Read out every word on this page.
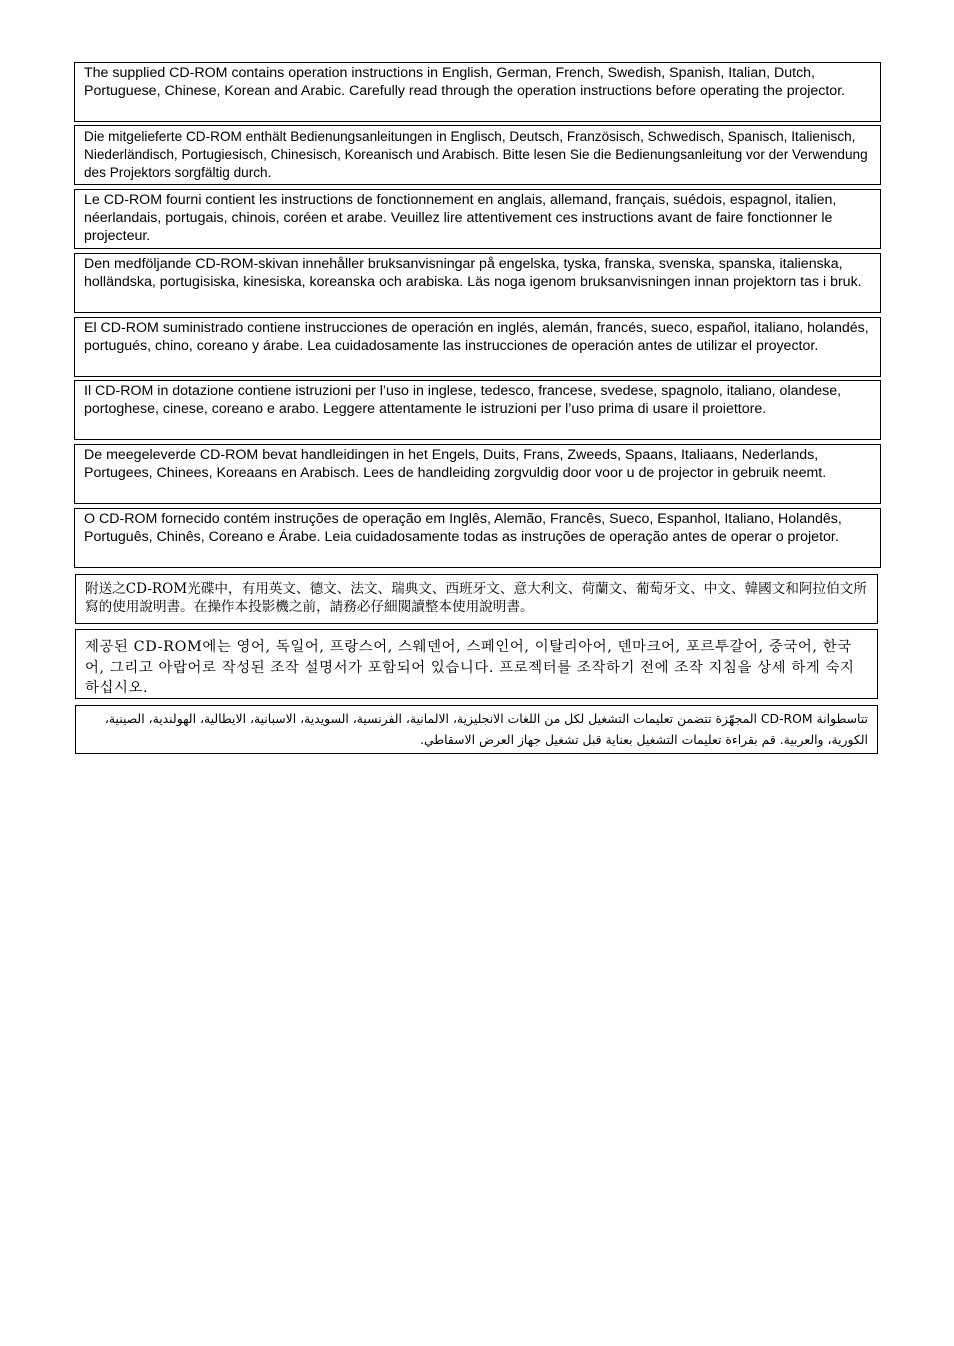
The supplied CD-ROM contains operation instructions in English, German, French, Swedish, Spanish, Italian, Dutch, Portuguese, Chinese, Korean and Arabic. Carefully read through the operation instructions before operating the projector.

Die mitgelieferte CD-ROM enthält Bedienungsanleitungen in Englisch, Deutsch, Französisch, Schwedisch, Spanisch, Italienisch, Niederländisch, Portugiesisch, Chinesisch, Koreanisch und Arabisch. Bitte lesen Sie die Bedienungsanleitung vor der Verwendung des Projektors sorgfältig durch.

Le CD-ROM fourni contient les instructions de fonctionnement en anglais, allemand, français, suédois, espagnol, italien, néerlandais, portugais, chinois, coréen et arabe. Veuillez lire attentivement ces instructions avant de faire fonctionner le projecteur.

Den medföljande CD-ROM-skivan innehåller bruksanvisningar på engelska, tyska, franska, svenska, spanska, italienska, holländska, portugisiska, kinesiska, koreanska och arabiska. Läs noga igenom bruksanvisningen innan projektorn tas i bruk.

El CD-ROM suministrado contiene instrucciones de operación en inglés, alemán, francés, sueco, español, italiano, holandés, portugués, chino, coreano y árabe. Lea cuidadosamente las instrucciones de operación antes de utilizar el proyector.

Il CD-ROM in dotazione contiene istruzioni per l’uso in inglese, tedesco, francese, svedese, spagnolo, italiano, olandese, portoghese, cinese, coreano e arabo. Leggere attentamente le istruzioni per l’uso prima di usare il proiettore.

De meegeleverde CD-ROM bevat handleidingen in het Engels, Duits, Frans, Zweeds, Spaans, Italiaans, Nederlands, Portugees, Chinees, Koreaans en Arabisch. Lees de handleiding zorgvuldig door voor u de projector in gebruik neemt.

O CD-ROM fornecido contém instruções de operação em Inglês, Alemão, Francês, Sueco, Espanhol, Italiano, Holandês, Português, Chinês, Coreano e Árabe. Leia cuidadosamente todas as instruções de operação antes de operar o projetor.

附送之CD-ROM光碟中，有用英文、德文、法文、瑞典文、西班牙文、意大利文、荷蘭文、葡萄牙文、中文、韓國文和阿拉伯文所寫的使用說明書。在操作本投影機之前，請務必仔細閱讀整本使用說明書。

제공된 CD-ROM에는 영어, 독일어, 프랑스어, 스웨덴어, 스페인어, 이탈리아어, 덴마크어, 포르투갈어, 중국어, 한국어, 그리고 아랍어로 작성된 조작 설명서가 포함되어 있습니다. 프로젝터를 조작하기 전에 조작 지침을 상세 하게 숙지하십시오.

تتاسطوانة CD-ROM المجهّزة تتضمن تعليمات التشغيل لكل من اللغات الانجليزية، الالمانية، الفرنسية، السويدية، الاسبانية، الايطالية، الهولندية، الصينية، الكورية، والعربية. قم بقراءة تعليمات التشغيل بعناية قبل تشغيل جهاز العرض الاسقاطي.
